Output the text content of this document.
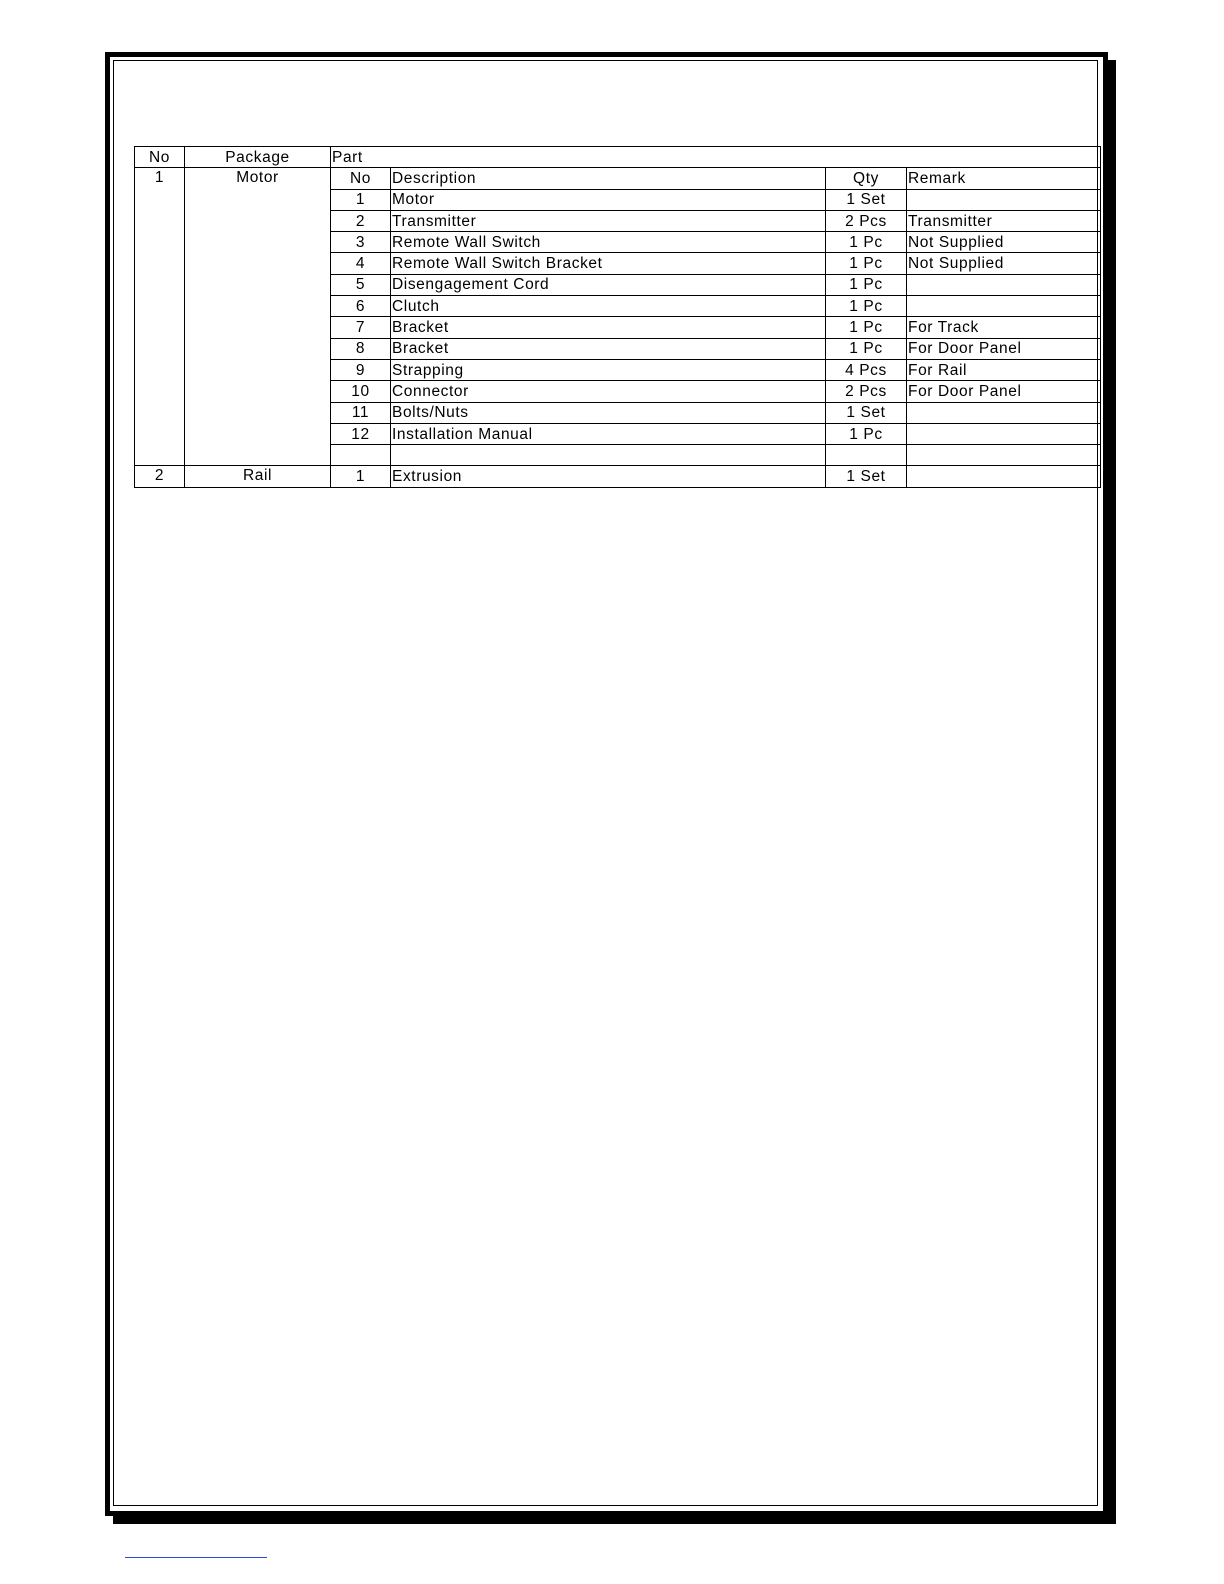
No	Package	Part			
1	Motor	No	Description	Qty	Remark
		1	Motor	1 Set	
		2	Transmitter	2 Pcs	Transmitter
		3	Remote Wall Switch	1 Pc	Not Supplied
		4	Remote Wall Switch Bracket	1 Pc	Not Supplied
		5	Disengagement Cord	1 Pc	
		6	Clutch	1 Pc	
		7	Bracket	1 Pc	For Track
		8	Bracket	1 Pc	For Door Panel
		9	Strapping	4 Pcs	For Rail
		10	Connector	2 Pcs	For Door Panel
		11	Bolts/Nuts	1 Set	
		12	Installation Manual	1 Pc	

2	Rail	1	Extrusion	1 Set	
